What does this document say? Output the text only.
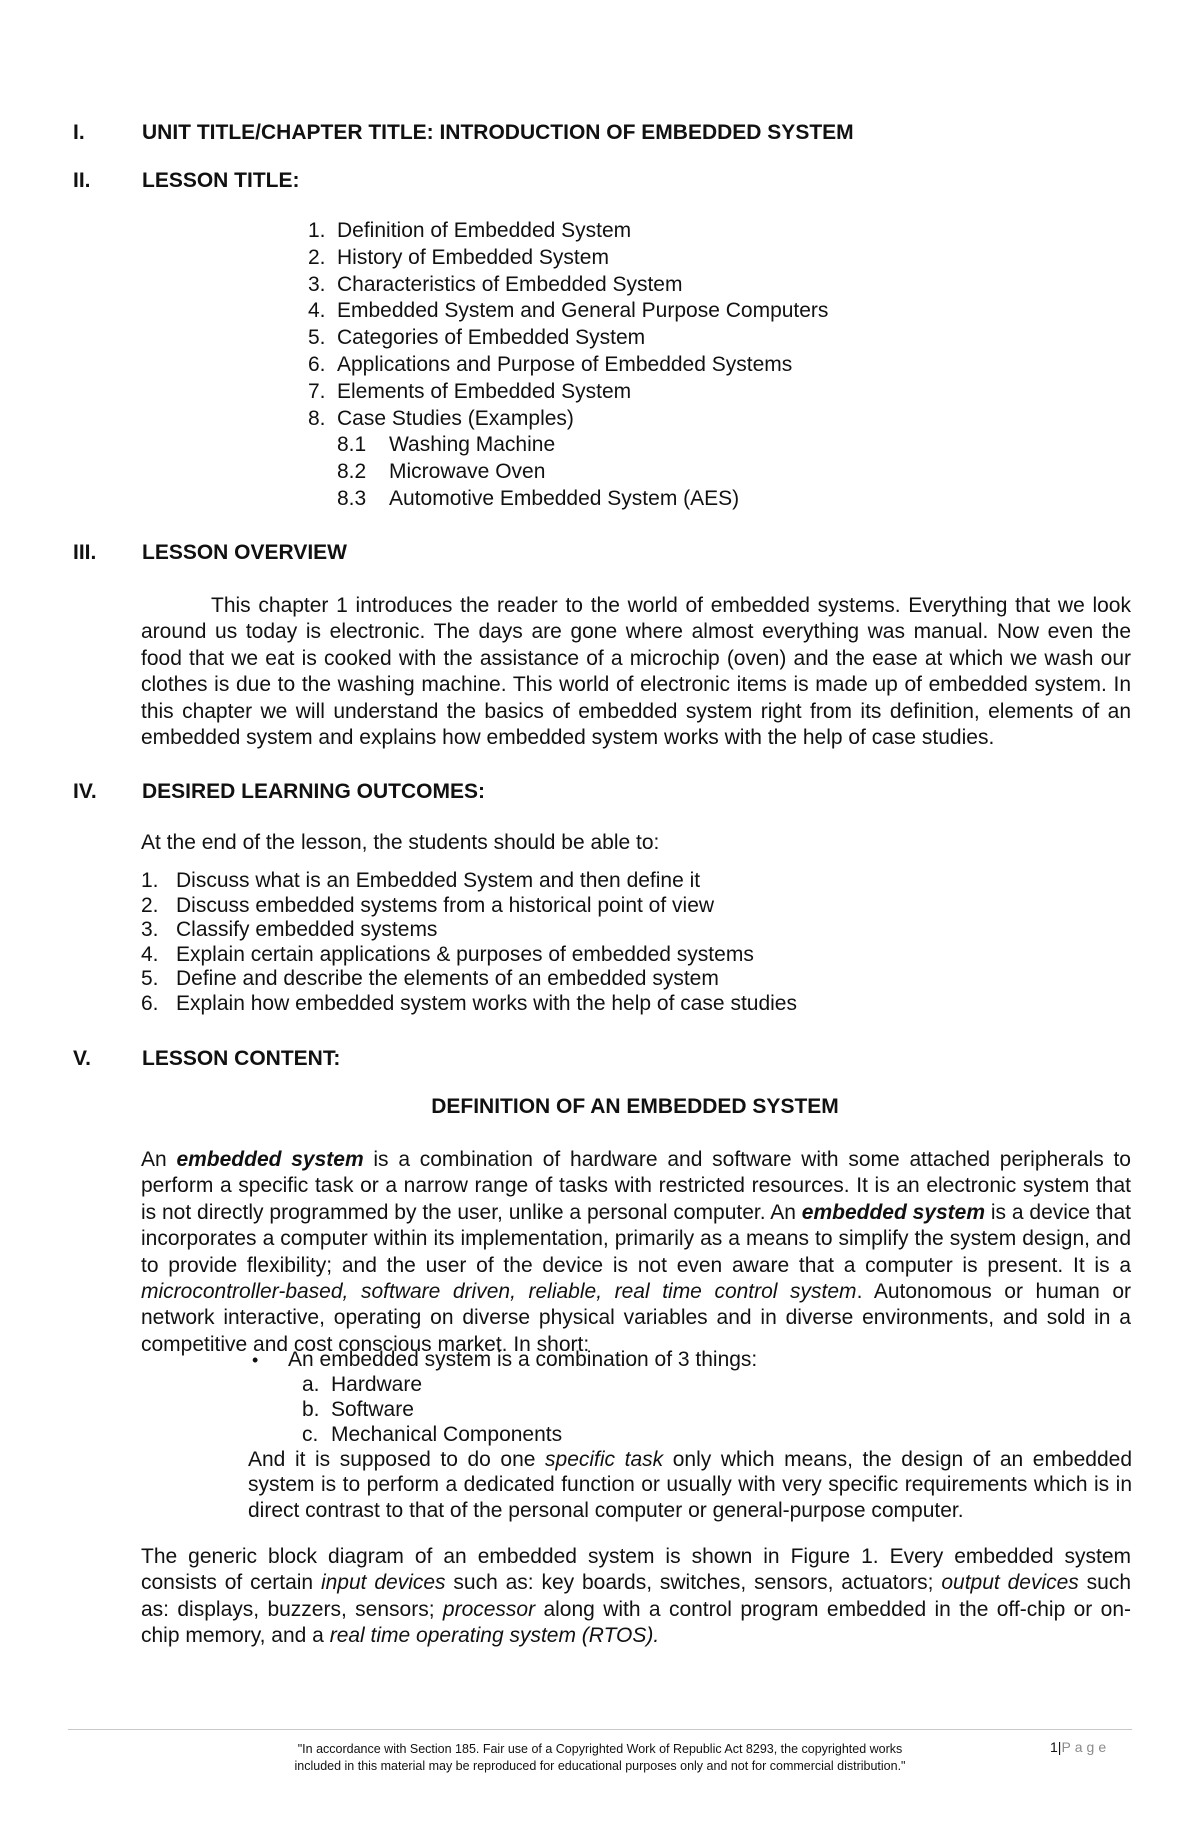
I.	UNIT TITLE/CHAPTER TITLE: INTRODUCTION OF EMBEDDED SYSTEM
II. LESSON TITLE:
1. Definition of Embedded System
2. History of Embedded System
3. Characteristics of Embedded System
4. Embedded System and General Purpose Computers
5. Categories of Embedded System
6. Applications and Purpose of Embedded Systems
7. Elements of Embedded System
8. Case Studies (Examples)
8.1	Washing Machine
8.2	Microwave Oven
8.3	Automotive Embedded System (AES)
III. LESSON OVERVIEW

This chapter 1 introduces the reader to the world of embedded systems. Everything that we look around us today is electronic. The days are gone where almost everything was manual. Now even the food that we eat is cooked with the assistance of a microchip (oven) and the ease at which we wash our clothes is due to the washing machine. This world of electronic items is made up of embedded system. In this chapter we will understand the basics of embedded system right from its definition, elements of an embedded system and explains how embedded system works with the help of case studies.

IV. DESIRED LEARNING OUTCOMES:
At the end of the lesson, the students should be able to:
1. Discuss what is an Embedded System and then define it
2. Discuss embedded systems from a historical point of view
3. Classify embedded systems
4. Explain certain applications & purposes of embedded systems
5. Define and describe the elements of an embedded system
6. Explain how embedded system works with the help of case studies
V. LESSON CONTENT:
DEFINITION OF AN EMBEDDED SYSTEM

An embedded system is a combination of hardware and software with some attached peripherals to perform a specific task or a narrow range of tasks with restricted resources. It is an electronic system that is not directly programmed by the user, unlike a personal computer. An embedded system is a device that incorporates a computer within its implementation, primarily as a means to simplify the system design, and to provide flexibility; and the user of the device is not even aware that a computer is present. It is a microcontroller-based, software driven, reliable, real time control system. Autonomous or human or network interactive, operating on diverse physical variables and in diverse environments, and sold in a competitive and cost conscious market. In short:

• An embedded system is a combination of 3 things:
a. Hardware
b. Software
c. Mechanical Components

And it is supposed to do one specific task only which means, the design of an embedded system is to perform a dedicated function or usually with very specific requirements which is in direct contrast to that of the personal computer or general-purpose computer.

The generic block diagram of an embedded system is shown in Figure 1. Every embedded system consists of certain input devices such as: key boards, switches, sensors, actuators; output devices such as: displays, buzzers, sensors; processor along with a control program embedded in the off-chip or on-chip memory, and a real time operating system (RTOS).

"In accordance with Section 185. Fair use of a Copyrighted Work of Republic Act 8293, the copyrighted works
included in this material may be reproduced for educational purposes only and not for commercial distribution."
1|Page
